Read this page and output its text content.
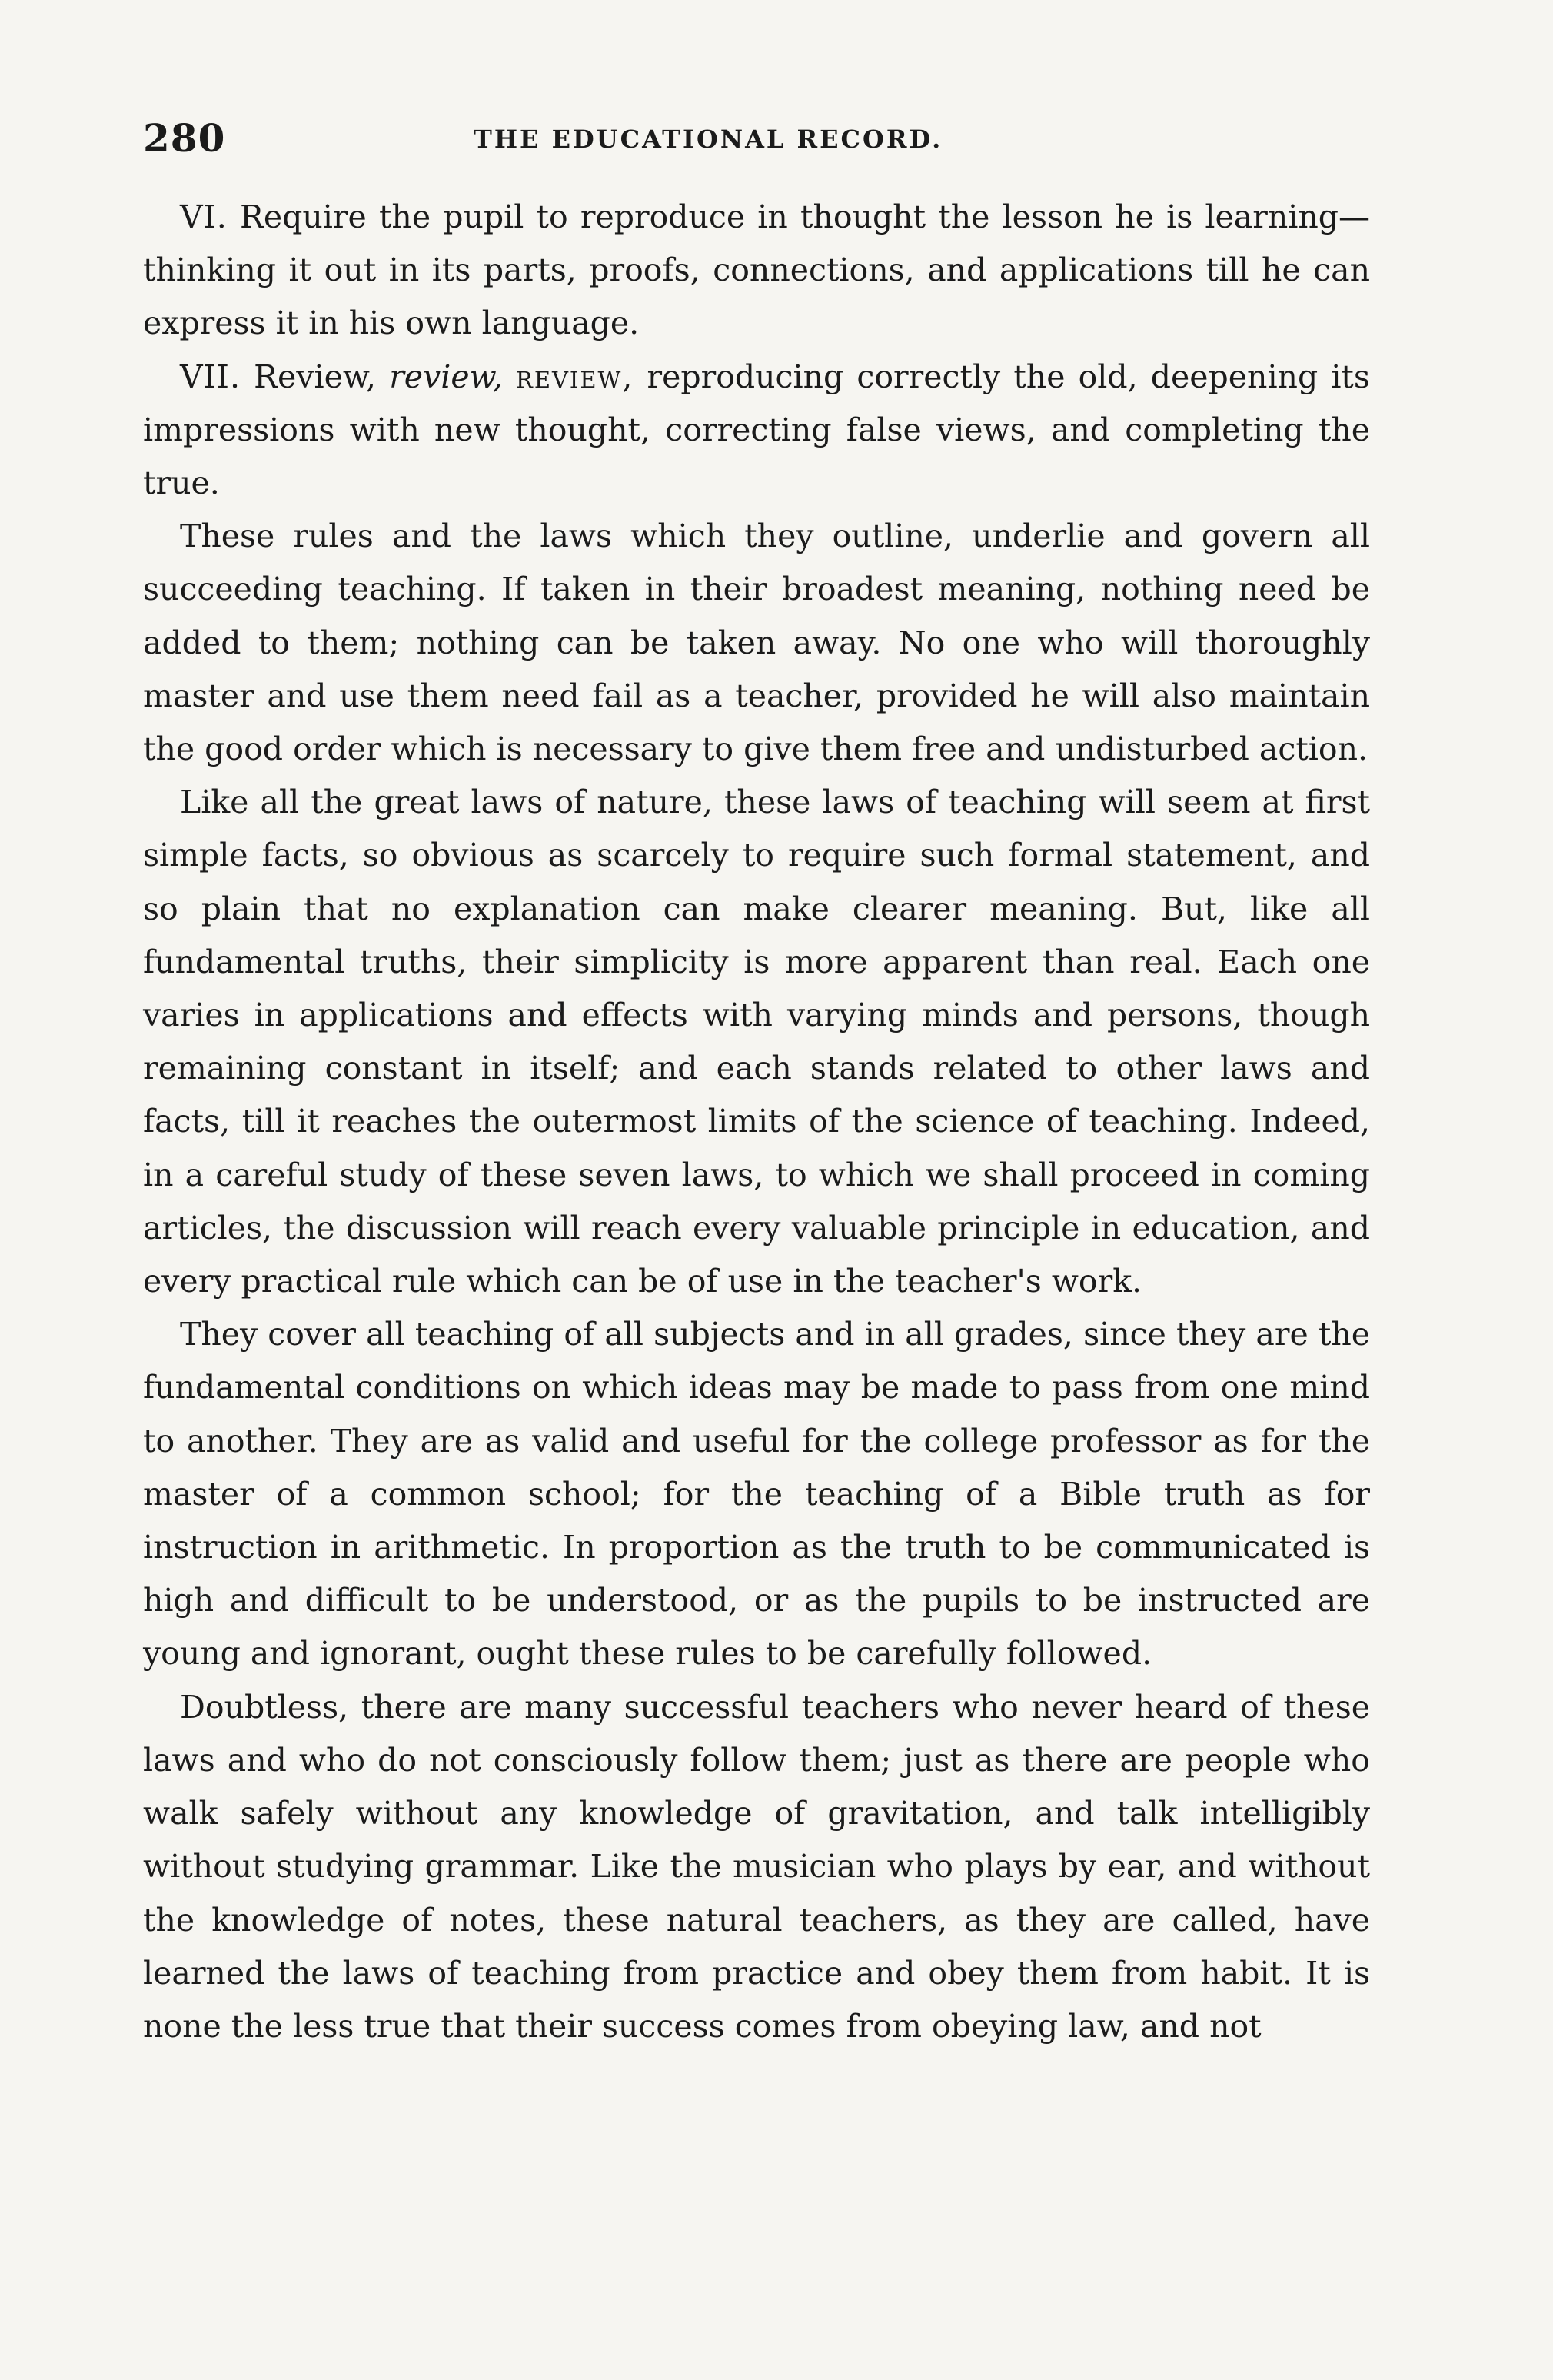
280	THE EDUCATIONAL RECORD.

VI. Require the pupil to reproduce in thought the lesson he is learning—thinking it out in its parts, proofs, connections, and applications till he can express it in his own language.

VII. Review, review, review, reproducing correctly the old, deepening its impressions with new thought, correcting false views, and completing the true.

These rules and the laws which they outline, underlie and govern all succeeding teaching. If taken in their broadest meaning, nothing need be added to them; nothing can be taken away. No one who will thoroughly master and use them need fail as a teacher, provided he will also maintain the good order which is necessary to give them free and undisturbed action.

Like all the great laws of nature, these laws of teaching will seem at first simple facts, so obvious as scarcely to require such formal statement, and so plain that no explanation can make clearer meaning. But, like all fundamental truths, their simplicity is more apparent than real. Each one varies in applications and effects with varying minds and persons, though remaining constant in itself; and each stands related to other laws and facts, till it reaches the outermost limits of the science of teaching. Indeed, in a careful study of these seven laws, to which we shall proceed in coming articles, the discussion will reach every valuable principle in education, and every practical rule which can be of use in the teacher's work.

They cover all teaching of all subjects and in all grades, since they are the fundamental conditions on which ideas may be made to pass from one mind to another. They are as valid and useful for the college professor as for the master of a common school; for the teaching of a Bible truth as for instruction in arithmetic. In proportion as the truth to be communicated is high and difficult to be understood, or as the pupils to be instructed are young and ignorant, ought these rules to be carefully followed.

Doubtless, there are many successful teachers who never heard of these laws and who do not consciously follow them; just as there are people who walk safely without any knowledge of gravitation, and talk intelligibly without studying grammar. Like the musician who plays by ear, and without the knowledge of notes, these natural teachers, as they are called, have learned the laws of teaching from practice and obey them from habit. It is none the less true that their success comes from obeying law, and not
